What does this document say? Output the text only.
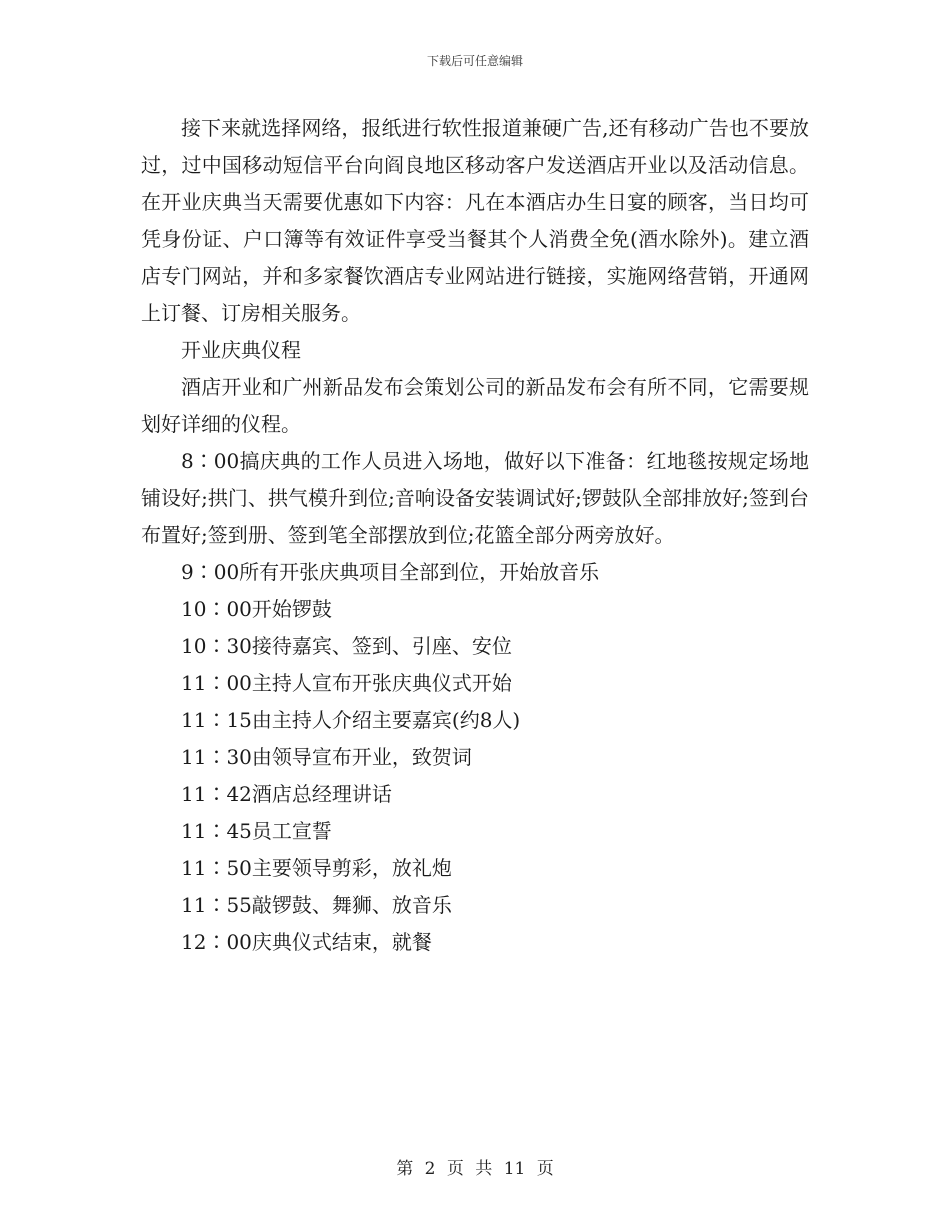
下载后可任意编辑

接下来就选择网络，报纸进行软性报道兼硬广告,还有移动广告也不要放过，过中国移动短信平台向阎良地区移动客户发送酒店开业以及活动信息。在开业庆典当天需要优惠如下内容：凡在本酒店办生日宴的顾客，当日均可凭身份证、户口簿等有效证件享受当餐其个人消费全免(酒水除外)。建立酒店专门网站，并和多家餐饮酒店专业网站进行链接，实施网络营销，开通网上订餐、订房相关服务。

开业庆典仪程

酒店开业和广州新品发布会策划公司的新品发布会有所不同，它需要规划好详细的仪程。

8∶00搞庆典的工作人员进入场地，做好以下准备：红地毯按规定场地铺设好;拱门、拱气模升到位;音响设备安装调试好;锣鼓队全部排放好;签到台布置好;签到册、签到笔全部摆放到位;花篮全部分两旁放好。

9∶00所有开张庆典项目全部到位，开始放音乐

10∶00开始锣鼓

10∶30接待嘉宾、签到、引座、安位

11∶00主持人宣布开张庆典仪式开始

11∶15由主持人介绍主要嘉宾(约8人)

11∶30由领导宣布开业，致贺词

11∶42酒店总经理讲话

11∶45员工宣誓

11∶50主要领导剪彩，放礼炮

11∶55敲锣鼓、舞狮、放音乐

12∶00庆典仪式结束，就餐

第 2 页 共 11 页
